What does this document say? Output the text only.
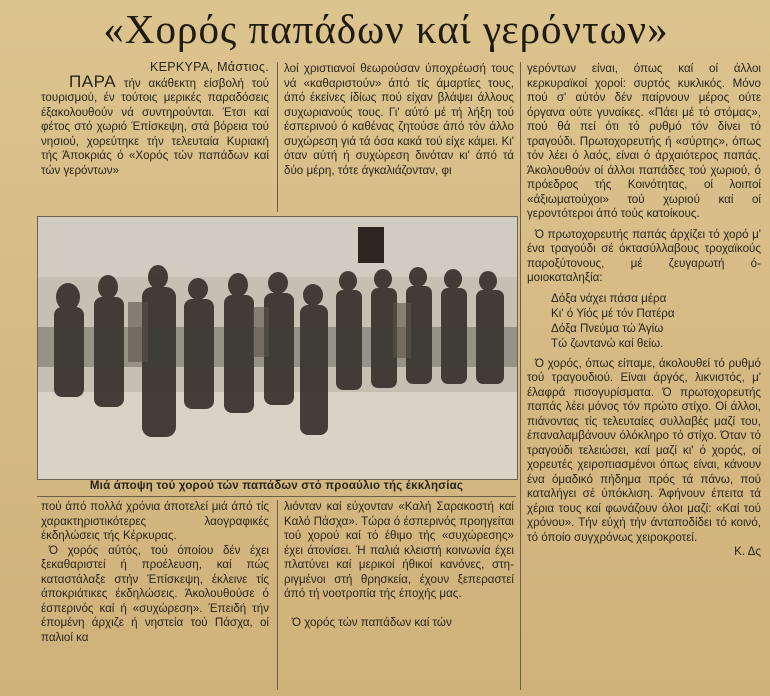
«Χορός παπάδων καί γερόντων»

ΚΕΡΚΥΡΑ, Μάστιος.

ΠΑΡΑ τήν ακάθεκτη είσβολή τού τουρισμού, έν τούτοις μερικές παραδόσεις έξακολουθούν νά συντηρούνται. Έτσι καί φέτος στό χωριό Έπίσκεψη, στά βόρεια τού νησιού, χορεύτηκε τήν τελευταία Κυριακή τής Άποκριάς ό «Χορός τών παπάδων καί τών γερόντων»

λοί χριστιανοί θεωρούσαν ύποχρέωσή τους νά «καθαριστούν» άπό τίς άμαρτίες τους, άπό έκείνες ίδίως πού είχαν βλάψει άλλους συχωριανούς τους. Γι' αύτό μέ τή λήξη τού έσπερινού ό καθένας ζητούσε άπό τόν άλλο συχώρεση γιά τά όσα κακά τού είχε κάμει. Κι' όταν αύτή ή συχώρεση δινόταν κι' άπό τά δύο μέρη, τότε άγκαλιάζονταν, φι

Μιά άποψη τού χορού τών παπάδων στό προαύλιο τής έκκλησίας

πού άπό πολλά χρόνια άποτελεί μιά άπό τίς χαρακτηριστικότερες λαογραφικές έκδηλώσεις τής Κέρκυρας.

Ό χορός αύτός, τού όποίου δέν έχει ξεκαθαριστεί ή προέλευση, καί πώς καταστάλαξε στήν Έπίσκεψη, έκλεινε τίς άποκριάτικες έκδηλώσεις. Άκολουθούσε ό έσπερινός καί ή «συχώρεση». Έπειδή τήν έπομένη άρχιζε ή νηστεία τού Πάσχα, οί παλιοί κα

λιόνταν καί εύχονταν «Καλή Σαρακοστή καί Καλό Πάσχα». Τώρα ό έσπερινός προηγείται τού χορού καί τό έθιμο τής «συχώρεσης» έχει άτονίσει. Ή παλιά κλειστή κοινωνία έχει πλατύνει καί μερικοί ήθικοί κανόνες, στηριγμένοι στή θρησκεία, έχουν ξεπεραστεί άπό τή νοοτροπία τής έποχής μας.

Ό χορός τών παπάδων καί τών

γερόντων είναι, όπως καί οί άλλοι κερκυραϊκοί χοροί: συρτός κυκλικός. Μόνο πού σ' αύτόν δέν παίρνουν μέρος ούτε όργανα ούτε γυναίκες. «Πάει μέ τό στόμας», πού θά πεί ότι τό ρυθμό τόν δίνει τό τραγούδι. Πρωτοχορευτής ή «σύρτης», όπως τόν λέει ό λαός, είναι ό άρχαιότερος παπάς. Άκολουθούν οί άλλοι παπάδες τού χωριού, ό πρόεδρος τής Κοινότητας, οί λοιποί «άξιωματούχοι» τού χωριού καί οί γεροντότεροι άπό τούς κατοίκους.

Ό πρωτοχορευτής παπάς άρχίζει τό χορό μ' ένα τραγούδι σέ όκτασύλλαβους τροχαϊκούς παροξύτονους, μέ ζευγαρωτή όμοιοκαταληξία:

Δόξα νάχει πάσα μέρα
Κι' ό Υίός μέ τόν Πατέρα
Δόξα Πνεύμα τώ Άγίω
Τώ ζωντανώ καί θείω.

Ό χορός, όπως είπαμε, άκολουθεί τό ρυθμό τού τραγουδιού. Είναι άργός, λικνιστός, μ' έλαφρά πισογυρίσματα. Ό πρωτοχορευτής παπάς λέει μόνος τόν πρώτο στίχο. Οί άλλοι, πιάνοντας τίς τελευταίες συλλαβές μαζί του, έπαναλαμβάνουν όλόκληρο τό στίχο. Όταν τό τραγούδι τελειώσει, καί μαζί κι' ό χορός, οί χορευτές χειροπιασμένοι όπως είναι, κάνουν ένα όμαδικό πήδημα πρός τά πάνω, πού καταλήγει σέ ύπόκλιση. Άφήνουν έπειτα τά χέρια τους καί φωνάζουν όλοι μαζί: «Καί τού χρόνου». Τήν εύχή τήν άνταποδίδει τό κοινό, τό όποίο συγχρόνως χειροκροτεί.

Κ. Δς
